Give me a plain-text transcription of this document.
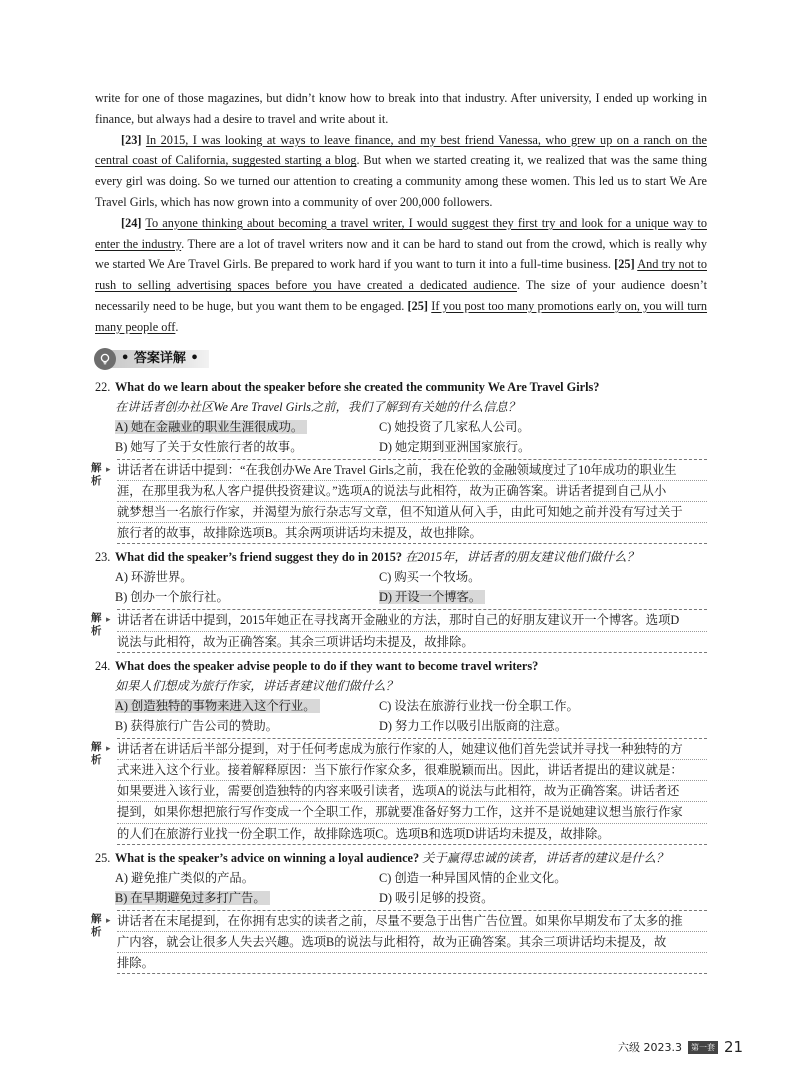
write for one of those magazines, but didn’t know how to break into that industry. After university, I ended up working in finance, but always had a desire to travel and write about it.

[23] In 2015, I was looking at ways to leave finance, and my best friend Vanessa, who grew up on a ranch on the central coast of California, suggested starting a blog. But when we started creating it, we realized that was the same thing every girl was doing. So we turned our attention to creating a community among these women. This led us to start We Are Travel Girls, which has now grown into a community of over 200,000 followers.

[24] To anyone thinking about becoming a travel writer, I would suggest they first try and look for a unique way to enter the industry. There are a lot of travel writers now and it can be hard to stand out from the crowd, which is really why we started We Are Travel Girls. Be prepared to work hard if you want to turn it into a full-time business. [25] And try not to rush to selling advertising spaces before you have created a dedicated audience. The size of your audience doesn’t necessarily need to be huge, but you want them to be engaged. [25] If you post too many promotions early on, you will turn many people off.

• 答案详解 •
22. What do we learn about the speaker before she created the community We Are Travel Girls?
在讲话者创办社区We Are Travel Girls之前，我们了解到有关她的什么信息？
A) 她在金融业的职业生涯很成功。	C) 她投资了几家私人公司。
B) 她写了关于女性旅行者的故事。	D) 她定期到亚洲国家旅行。
解析
▸ 讲话者在讲话中提到：“在我创办We Are Travel Girls之前，我在伦敦的金融领域度过了10年成功的职业生
涯，在那里我为私人客户提供投资建议。”选项A的说法与此相符，故为正确答案。讲话者提到自己从小
就梦想当一名旅行作家，并渴望为旅行杂志写文章，但不知道从何入手，由此可知她之前并没有写过关于
旅行者的故事，故排除选项B。其余两项讲话均未提及，故也排除。
23. What did the speaker’s friend suggest they do in 2015? 在2015年，讲话者的朋友建议他们做什么？
A) 环游世界。	C) 购买一个牧场。
B) 创办一个旅行社。	D) 开设一个博客。
解析
▸ 讲话者在讲话中提到，2015年她正在寻找离开金融业的方法，那时自己的好朋友建议开一个博客。选项D
说法与此相符，故为正确答案。其余三项讲话均未提及，故排除。
24. What does the speaker advise people to do if they want to become travel writers?
如果人们想成为旅行作家，讲话者建议他们做什么？
A) 创造独特的事物来进入这个行业。	C) 设法在旅游行业找一份全职工作。
B) 获得旅行广告公司的赞助。	D) 努力工作以吸引出版商的注意。
解析
▸ 讲话者在讲话后半部分提到，对于任何考虑成为旅行作家的人，她建议他们首先尝试并寻找一种独特的方
式来进入这个行业。接着解释原因：当下旅行作家众多，很难脱颖而出。因此，讲话者提出的建议就是：
如果要进入该行业，需要创造独特的内容来吸引读者，选项A的说法与此相符，故为正确答案。讲话者还
提到，如果你想把旅行写作变成一个全职工作，那就要准备好努力工作，这并不是说她建议想当旅行作家
的人们在旅游行业找一份全职工作，故排除选项C。选项B和选项D讲话均未提及，故排除。
25. What is the speaker’s advice on winning a loyal audience? 关于赢得忠诚的读者，讲话者的建议是什么？
A) 避免推广类似的产品。	C) 创造一种异国风情的企业文化。
B) 在早期避免过多打广告。	D) 吸引足够的投资。
解析
▸ 讲话者在末尾提到，在你拥有忠实的读者之前，尽量不要急于出售广告位置。如果你早期发布了太多的推
广内容，就会让很多人失去兴趣。选项B的说法与此相符，故为正确答案。其余三项讲话均未提及，故
排除。
六级 2023.3	第一套 21
